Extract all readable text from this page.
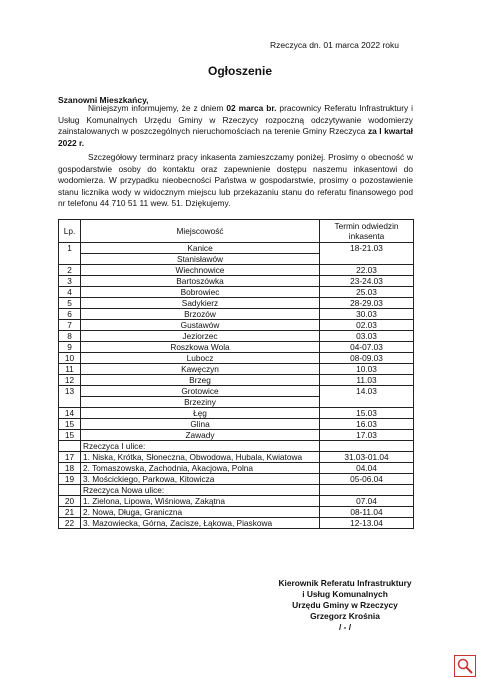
Rzeczyca dn. 01 marca 2022 roku
Ogłoszenie
Szanowni Mieszkańcy,
Niniejszym informujemy, że z dniem 02 marca br. pracownicy Referatu Infrastruktury i Usług Komunalnych Urzędu Gminy w Rzeczycy rozpoczną odczytywanie wodomierzy zainstalowanych w poszczególnych nieruchomościach na terenie Gminy Rzeczyca za I kwartał 2022 r.
Szczegółowy terminarz pracy inkasenta zamieszczamy poniżej. Prosimy o obecność w gospodarstwie osoby do kontaktu oraz zapewnienie dostępu naszemu inkasentowi do wodomierza. W przypadku nieobecności Państwa w gospodarstwie, prosimy o pozostawienie stanu licznika wody w widocznym miejscu lub przekazaniu stanu do referatu finansowego pod nr telefonu 44 710 51 11 wew. 51. Dziękujemy.
Lp.	Miejscowość	Termin odwiedzin inkasenta
1	Kanice	18-21.03
	Stanisławów	
2	Wiechnowice	22.03
3	Bartoszówka	23-24.03
4	Bobrowiec	25.03
5	Sadykierz	28-29.03
6	Brzozów	30.03
7	Gustawów	02.03
8	Jeziorzec	03.03
9	Roszkowa Wola	04-07.03
10	Lubocz	08-09.03
11	Kawęczyn	10.03
12	Brzeg	11.03
13	Grotowice	14.03
	Brzeziny	
14	Łęg	15.03
15	Glina	16.03
15	Zawady	17.03
	Rzeczyca I ulice:	
17	1. Niska, Krótka, Słoneczna, Obwodowa, Hubala, Kwiatowa	31.03-01.04
18	2. Tomaszowska, Zachodnia, Akacjowa, Polna	04.04
19	3. Mościckiego, Parkowa, Kitowicza	05-06.04
	Rzeczyca Nowa ulice:	
20	1. Zielona, Lipowa, Wiśniowa, Zakątna	07.04
21	2. Nowa, Długa, Graniczna	08-11.04
22	3. Mazowiecka, Górna, Zacisze, Łąkowa, Piaskowa	12-13.04
Kierownik Referatu Infrastruktury
i Usług Komunalnych
Urzędu Gminy w Rzeczycy
Grzegorz Krośnia
/ - /
